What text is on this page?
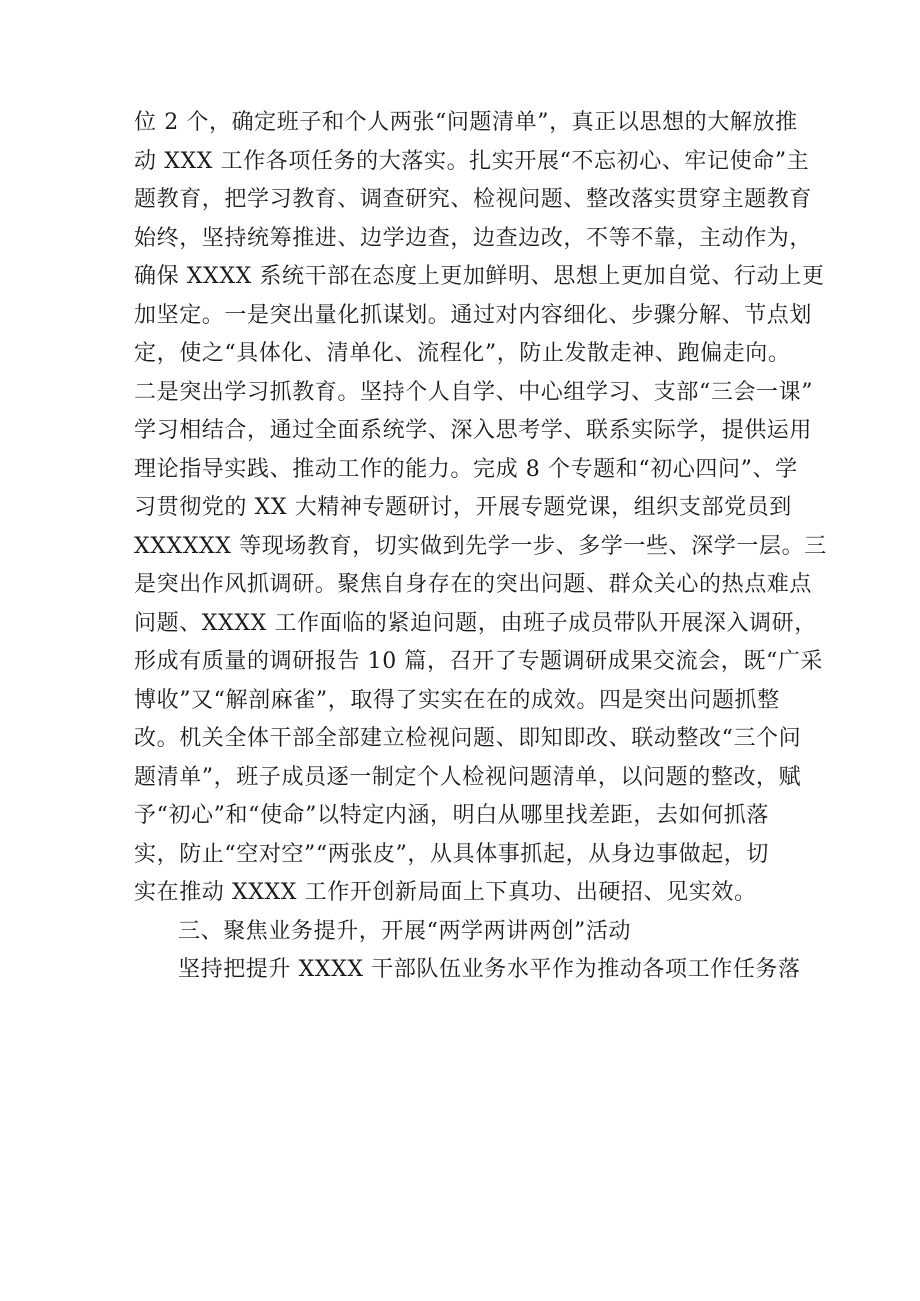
位 2 个，确定班子和个人两张“问题清单”，真正以思想的大解放推
动 XXX 工作各项任务的大落实。扎实开展“不忘初心、牢记使命”主
题教育，把学习教育、调查研究、检视问题、整改落实贯穿主题教育
始终，坚持统筹推进、边学边查，边查边改，不等不靠，主动作为，
确保 XXXX 系统干部在态度上更加鲜明、思想上更加自觉、行动上更
加坚定。一是突出量化抓谋划。通过对内容细化、步骤分解、节点划
定，使之“具体化、清单化、流程化”，防止发散走神、跑偏走向。
二是突出学习抓教育。坚持个人自学、中心组学习、支部“三会一课”
学习相结合，通过全面系统学、深入思考学、联系实际学，提供运用
理论指导实践、推动工作的能力。完成 8 个专题和“初心四问”、学
习贯彻党的 XX 大精神专题研讨，开展专题党课，组织支部党员到
XXXXXX 等现场教育，切实做到先学一步、多学一些、深学一层。三
是突出作风抓调研。聚焦自身存在的突出问题、群众关心的热点难点
问题、XXXX 工作面临的紧迫问题，由班子成员带队开展深入调研，
形成有质量的调研报告 10 篇，召开了专题调研成果交流会，既“广采
博收”又“解剖麻雀”，取得了实实在在的成效。四是突出问题抓整
改。机关全体干部全部建立检视问题、即知即改、联动整改“三个问
题清单”，班子成员逐一制定个人检视问题清单，以问题的整改，赋
予“初心”和“使命”以特定内涵，明白从哪里找差距，去如何抓落
实，防止“空对空”“两张皮”，从具体事抓起，从身边事做起，切
实在推动 XXXX 工作开创新局面上下真功、出硬招、见实效。
三、聚焦业务提升，开展“两学两讲两创”活动
坚持把提升 XXXX 干部队伍业务水平作为推动各项工作任务落
